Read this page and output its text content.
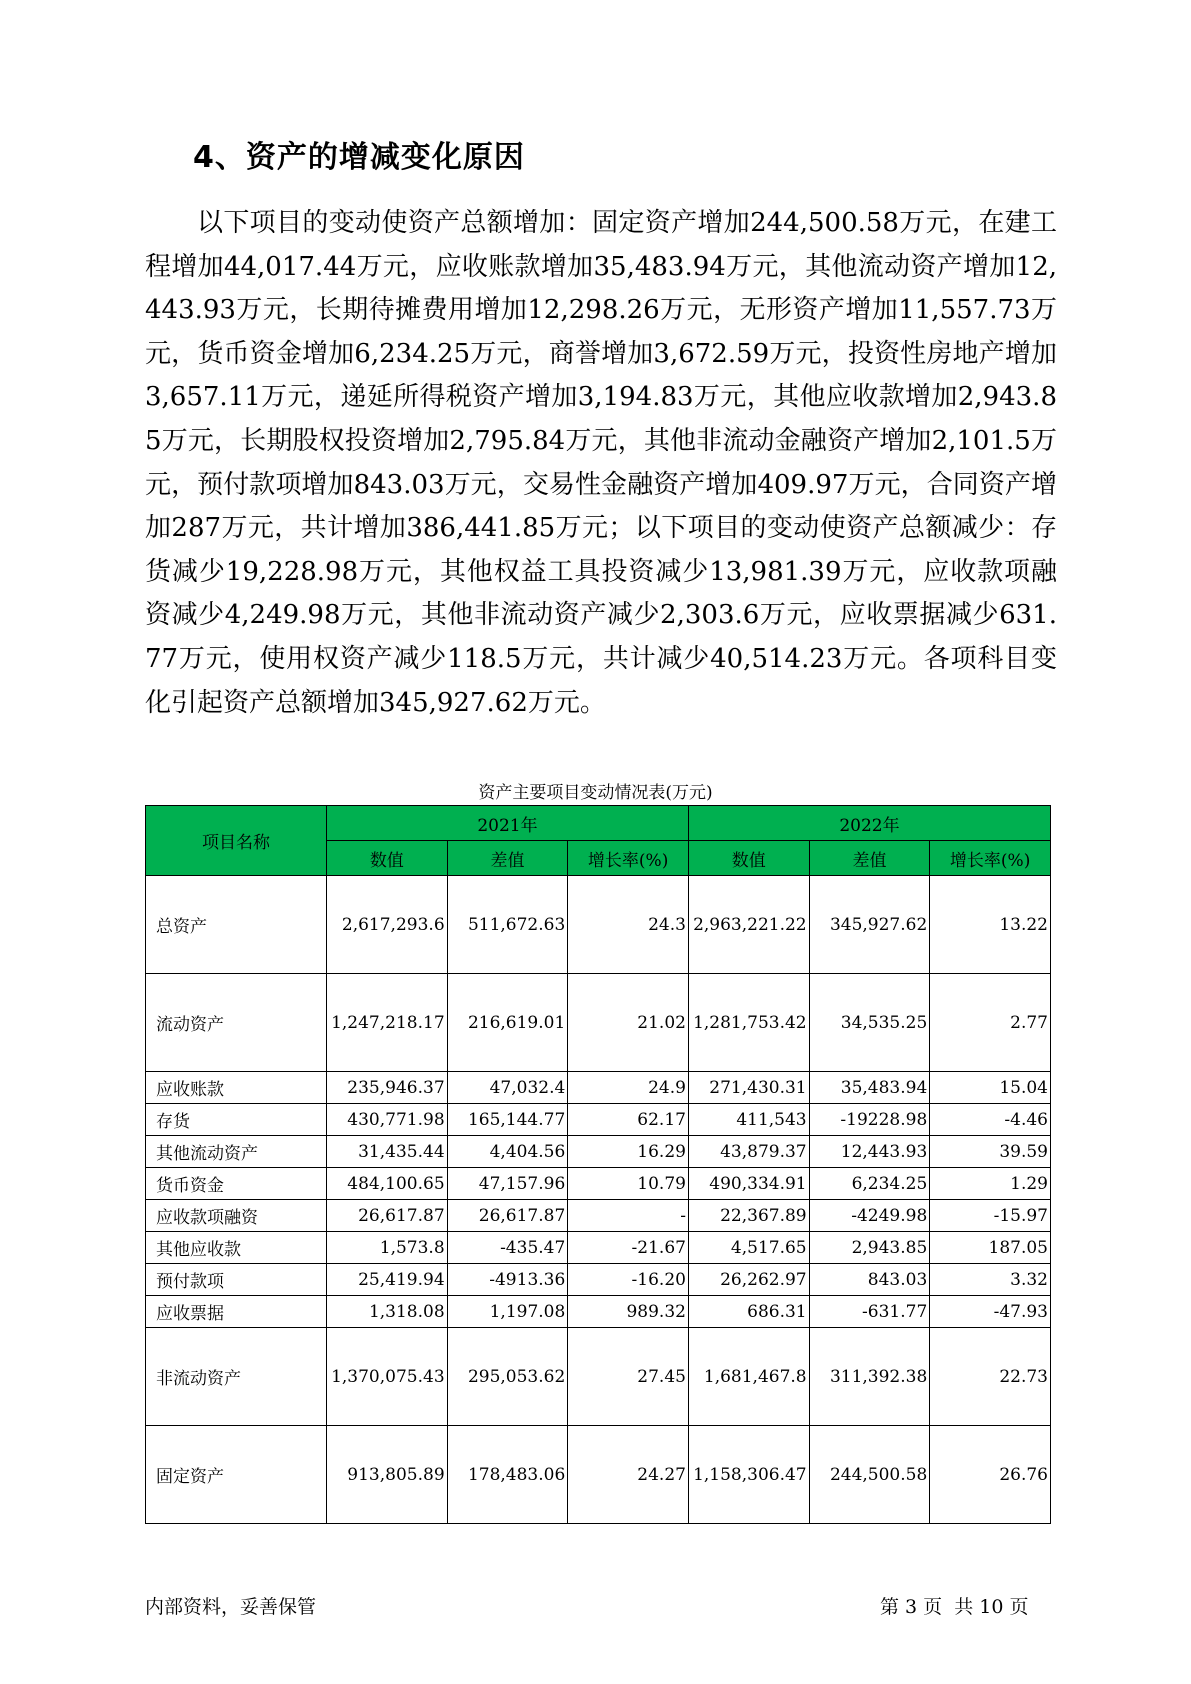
4、资产的增减变化原因

以下项目的变动使资产总额增加：固定资产增加244,500.58万元，在建工程增加44,017.44万元，应收账款增加35,483.94万元，其他流动资产增加12,443.93万元，长期待摊费用增加12,298.26万元，无形资产增加11,557.73万元，货币资金增加6,234.25万元，商誉增加3,672.59万元，投资性房地产增加3,657.11万元，递延所得税资产增加3,194.83万元，其他应收款增加2,943.85万元，长期股权投资增加2,795.84万元，其他非流动金融资产增加2,101.5万元，预付款项增加843.03万元，交易性金融资产增加409.97万元，合同资产增加287万元，共计增加386,441.85万元；以下项目的变动使资产总额减少：存货减少19,228.98万元，其他权益工具投资减少13,981.39万元，应收款项融资减少4,249.98万元，其他非流动资产减少2,303.6万元，应收票据减少631.77万元，使用权资产减少118.5万元，共计减少40,514.23万元。各项科目变化引起资产总额增加345,927.62万元。

资产主要项目变动情况表(万元)
项目名称	2021年			2022年		
	数值	差值	增长率(%)	数值	差值	增长率(%)
总资产	2,617,293.6	511,672.63	24.3	2,963,221.22	345,927.62	13.22
流动资产	1,247,218.17	216,619.01	21.02	1,281,753.42	34,535.25	2.77
应收账款	235,946.37	47,032.4	24.9	271,430.31	35,483.94	15.04
存货	430,771.98	165,144.77	62.17	411,543	-19228.98	-4.46
其他流动资产	31,435.44	4,404.56	16.29	43,879.37	12,443.93	39.59
货币资金	484,100.65	47,157.96	10.79	490,334.91	6,234.25	1.29
应收款项融资	26,617.87	26,617.87	-	22,367.89	-4249.98	-15.97
其他应收款	1,573.8	-435.47	-21.67	4,517.65	2,943.85	187.05
预付款项	25,419.94	-4913.36	-16.20	26,262.97	843.03	3.32
应收票据	1,318.08	1,197.08	989.32	686.31	-631.77	-47.93
非流动资产	1,370,075.43	295,053.62	27.45	1,681,467.8	311,392.38	22.73
固定资产	913,805.89	178,483.06	24.27	1,158,306.47	244,500.58	26.76
内部资料，妥善保管	第 3 页  共 10 页
